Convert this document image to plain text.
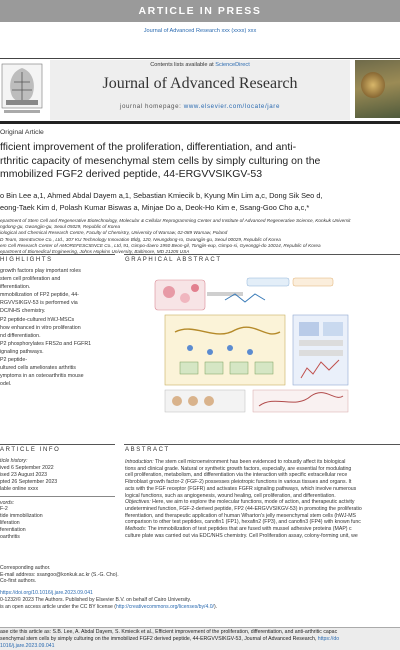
ARTICLE IN PRESS
Journal of Advanced Research xxx (xxxx) xxx
Contents lists available at ScienceDirect
Journal of Advanced Research
journal homepage: www.elsevier.com/locate/jare
Original Article
fficient improvement of the proliferation, differentiation, and anti-
rthritic capacity of mesenchymal stem cells by simply culturing on the
mmobilized FGF2 derived peptide, 44-ERGVVSIKGV-53
o Bin Lee a,1, Ahmed Abdal Dayem a,1, Sebastian Kmiecik b, Kyung Min Lim a,c, Dong Sik Seo d,
eong-Taek Kim d, Polash Kumar Biswas a, Minjae Do a, Deok-Ho Kim e, Ssang-Goo Cho a,c,*
epartment of Stem Cell and Regenerative Biotechnology, Molecular & Cellular Reprogramming Center and Institute of Advanced Regenerative Science, Konkuk Universit
ngdong-gu, Gwangjin-gu, Seoul 05029, Republic of Korea
iological and Chemical Research Centre, Faculty of Chemistry, University of Warsaw, 02-089 Warsaw, Poland
D Team, StemExOne Co., Ltd., 307 KU Technology Innovation Bldg, 120, Neungdong-ro, Gwangjin-gu, Seoul 00029, Republic of Korea
em Cell Research Center of AMOREFESCIENCE Co., Ltd, 91, Gimpo-daero 1950 Beon-gil, Tongjin-eup, Gimpo-si, Gyeonggi-do 10014, Republic of Korea
epartment of Biomedical Engineering, Johns Hopkins University, Baltimore, MD 21205 USA
HIGHLIGHTS
growth factors play important roles
stem cell proliferation and
ifferentiation.
mmobilization of FP2 peptide, 44-
RGVVSIKGV-53 is performed via
DC/NHS chemistry.
P2 peptide-cultured hWJ-MSCs
how enhanced in vitro proliferation
nd differentiation.
P2 phosphorylates FRS2α and FGFR1
ignaling pathways.
P2 peptide-
ultured cells ameliorates arthritis
ymptoms in an osteoarthritis mouse
odel.
GRAPHICAL ABSTRACT
ARTICLE INFO
ticle history:
ived 6 September 2022
ised 23 August 2023
pted 26 September 2023
lable online xxxx
vords:
F-2
tide immobilization
liferation
ferentiation
oarthritis
ABSTRACT
Introduction: The stem cell microenvironment has been evidenced to robustly affect its biological
tions and clinical grade. Natural or synthetic growth factors, especially, are essential for modulating
cell proliferation, metabolism, and differentiation via the interaction with specific extracellular rece
Fibroblast growth factor-2 (FGF-2) possesses pleiotropic functions in various tissues and organs. It
acts with the FGF receptor (FGFR) and activates FGFR signaling pathways, which involve numerous
logical functions, such as angiogenesis, wound healing, cell proliferation, and differentiation.
Objectives: Here, we aim to explore the molecular functions, mode of action, and therapeutic activity
undetermined function, FGF-2-derived peptide, FP2 (44-ERGVVSIKGV-53) in promoting the proliferatio
fferentiation, and therapeutic application of human Wharton's jelly mesenchymal stem cells (hWJ-MS
comparison to other test peptides, canofin1 (FP1), hexafin2 (FP3), and canofin3 (FP4) with known func
Methods: The immobilization of test peptides that are fused with mussel adhesive proteins (MAP) c
culture plate was carried out via EDC/NHS chemistry. Cell Proliferation assay, colony-forming unit, we
Corresponding author.
E-mail address: ssangoo@konkuk.ac.kr (S.-G. Cho).
Co-first authors.
https://doi.org/10.1016/j.jare.2023.09.041
0-1232/© 2023 The Authors. Published by Elsevier B.V. on behalf of Cairo University.
is an open access article under the CC BY license (http://creativecommons.org/licenses/by/4.0/).
ase cite this article as: S.B. Lee, A. Abdal Dayem, S. Kmiecik et al., Efficient improvement of the proliferation, differentiation, and anti-arthritic capac
senchymal stem cells by simply culturing on the immobilized FGF2 derived peptide, 44-ERGVVSIKGV-53, Journal of Advanced Research, https://do
1016/j.jare.2023.09.041
